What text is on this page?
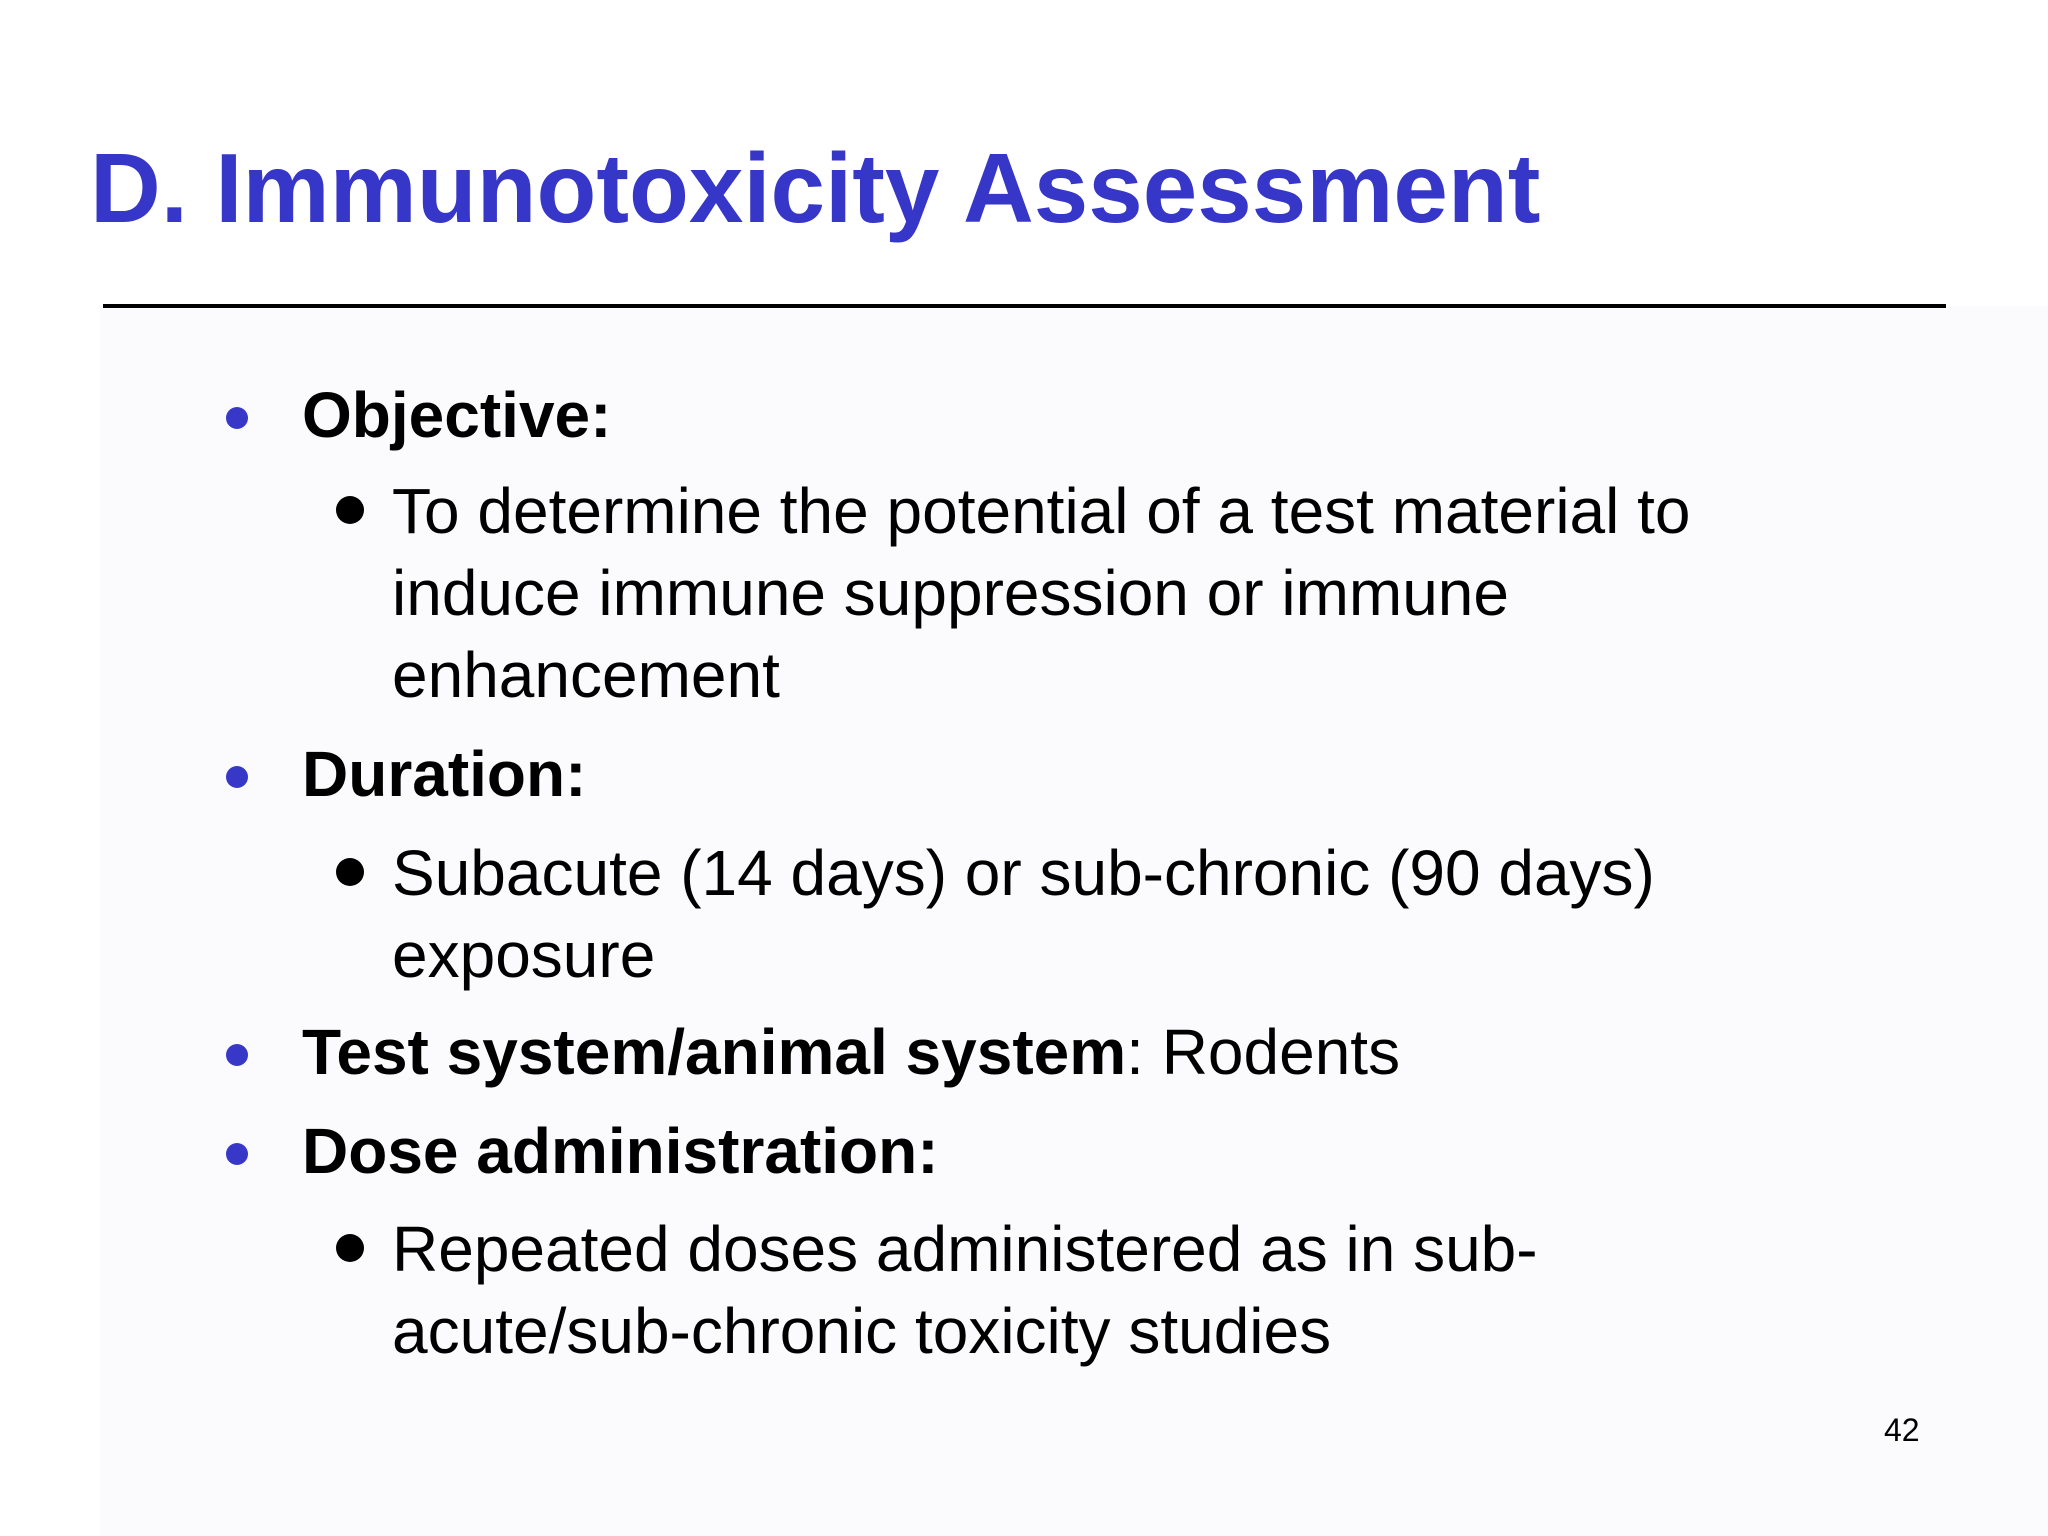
D. Immunotoxicity Assessment
Objective:
To determine the potential of a test material to
induce immune suppression or immune
enhancement
Duration:
Subacute (14 days) or sub-chronic (90 days)
exposure
Test system/animal system: Rodents
Dose administration:
Repeated doses administered as in sub-
acute/sub-chronic toxicity studies
42
